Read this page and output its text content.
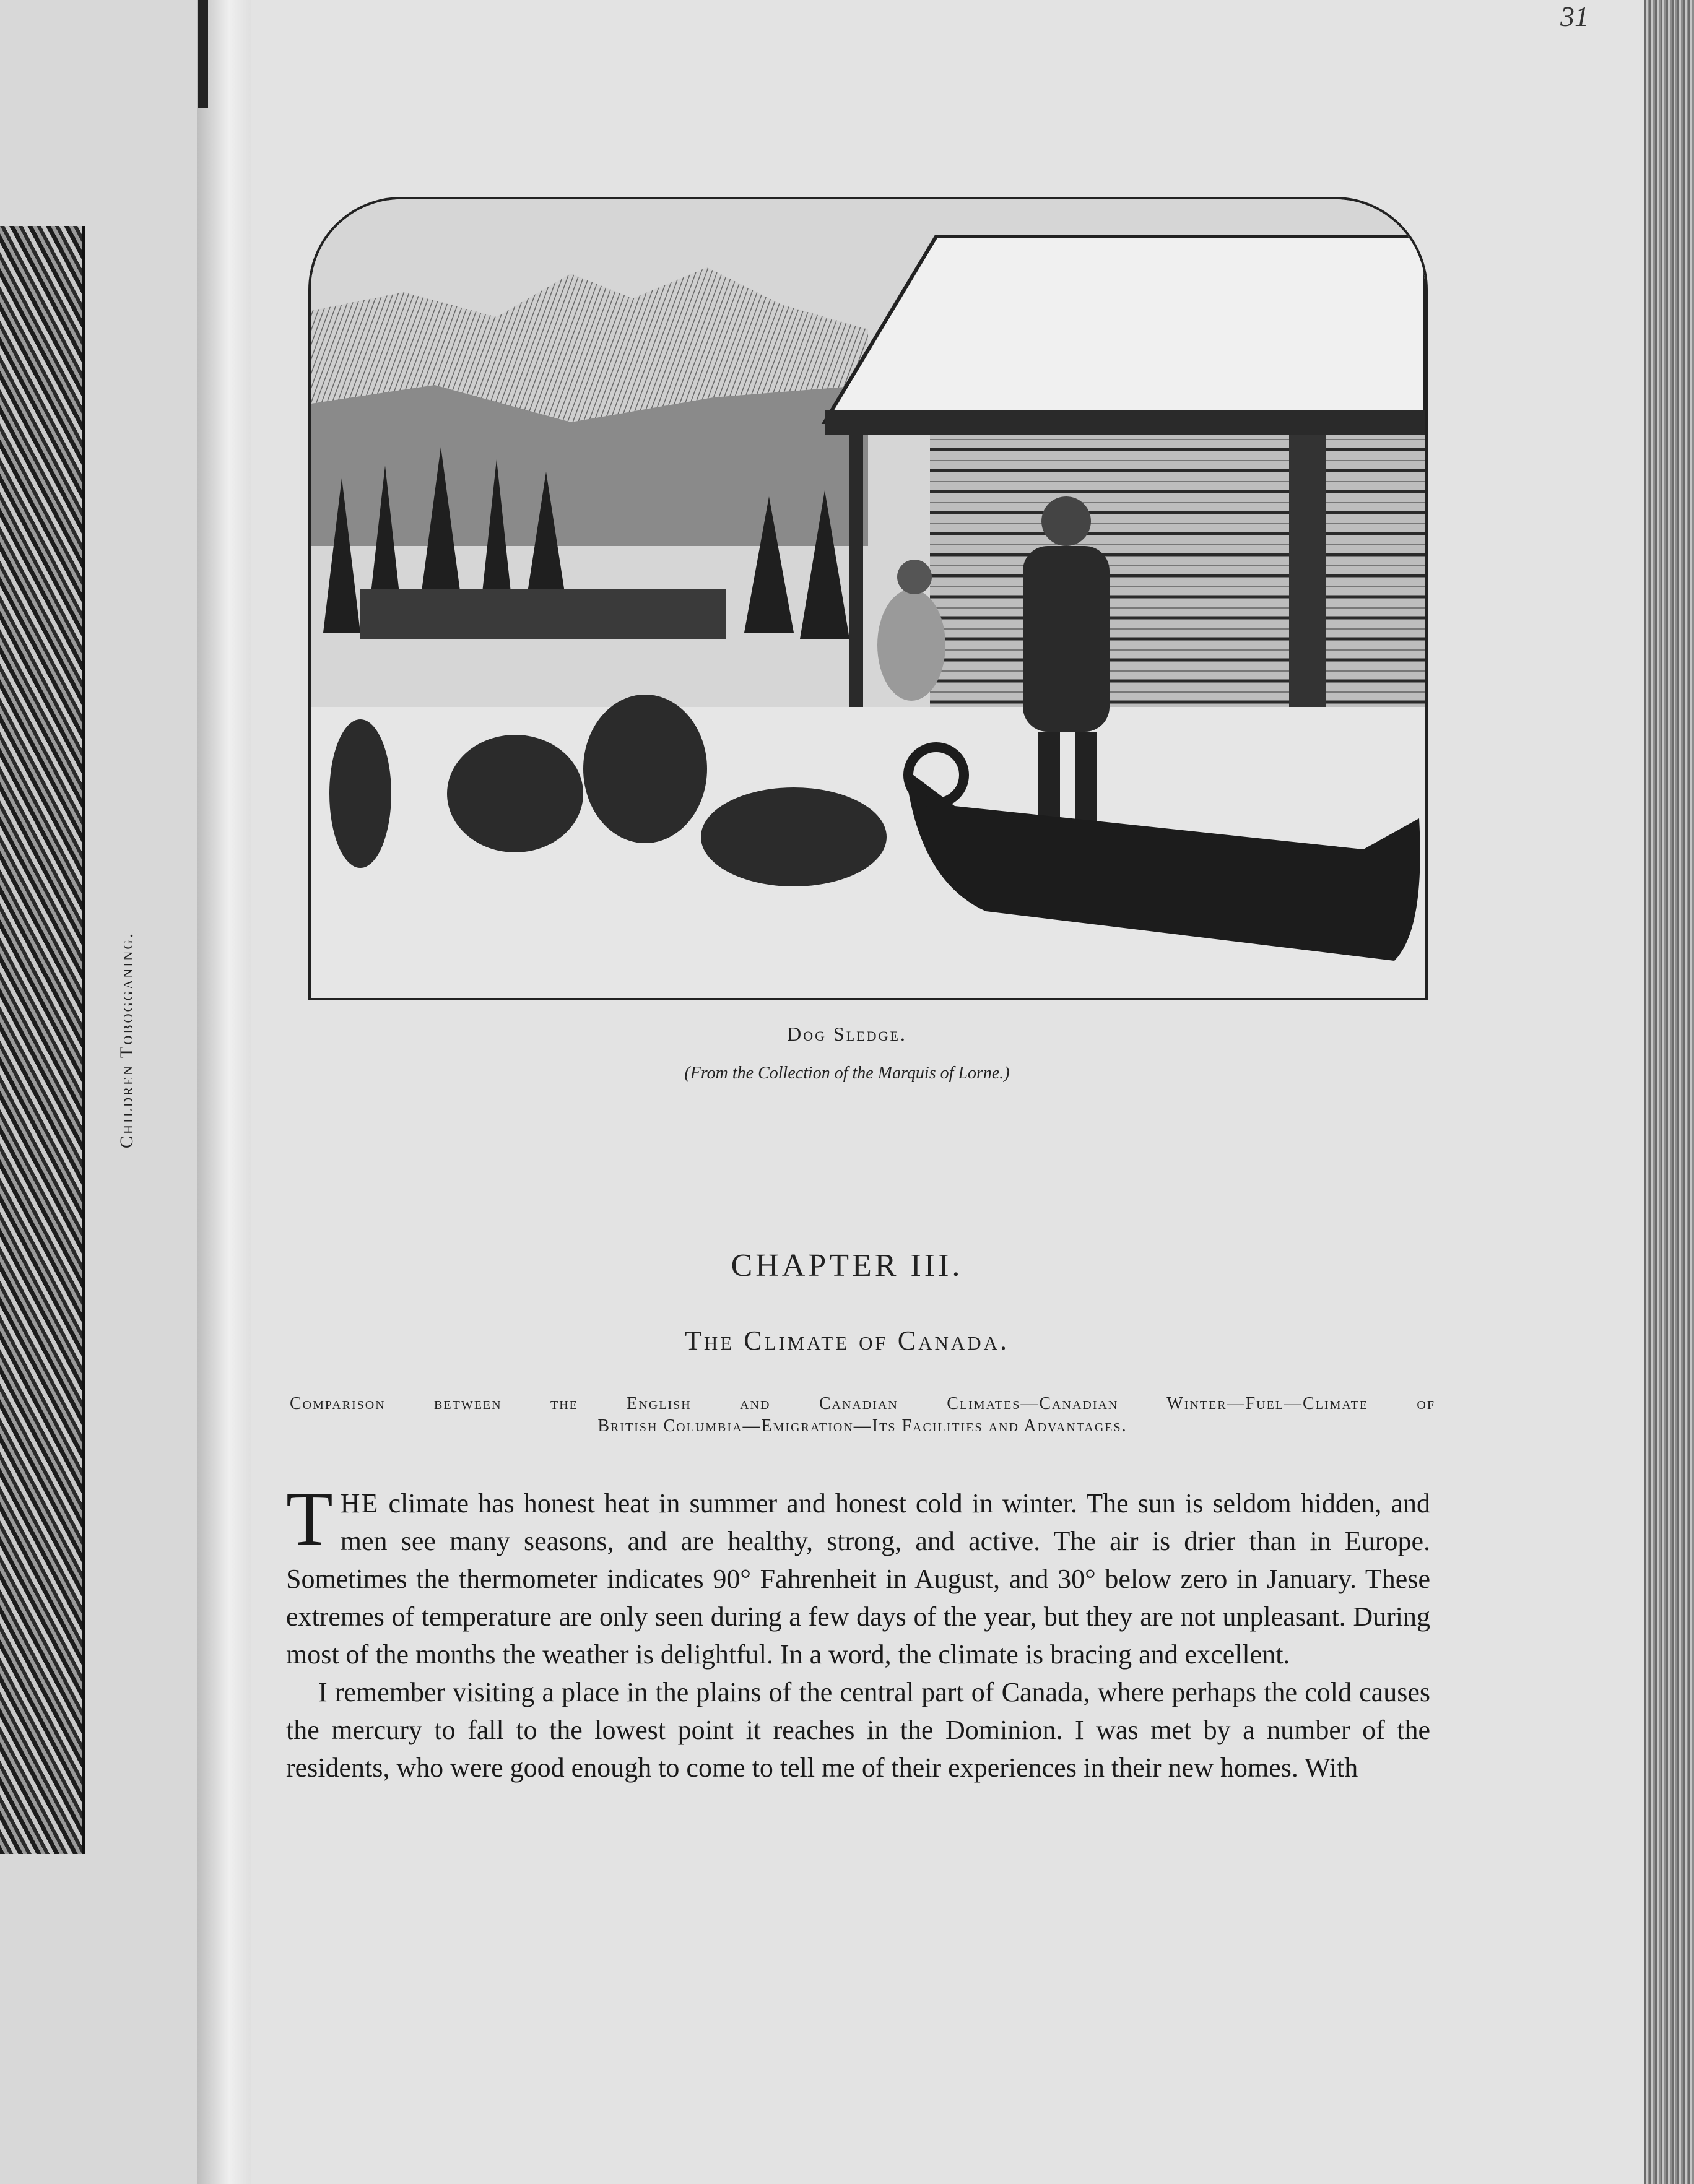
Children Tobogganing.
31
Dog Sledge.
(From the Collection of the Marquis of Lorne.)
CHAPTER III.
The Climate of Canada.
Comparison between the English and Canadian Climates—Canadian Winter—Fuel—Climate of
British Columbia—Emigration—Its Facilities and Advantages.

THE climate has honest heat in summer and honest cold in winter. The sun is seldom hidden, and men see many seasons, and are healthy, strong, and active. The air is drier than in Europe. Sometimes the thermometer indicates 90° Fahrenheit in August, and 30° below zero in January. These extremes of temperature are only seen during a few days of the year, but they are not unpleasant. During most of the months the weather is delightful. In a word, the climate is bracing and excellent.

I remember visiting a place in the plains of the central part of Canada, where perhaps the cold causes the mercury to fall to the lowest point it reaches in the Dominion. I was met by a number of the residents, who were good enough to come to tell me of their experiences in their new homes. With
